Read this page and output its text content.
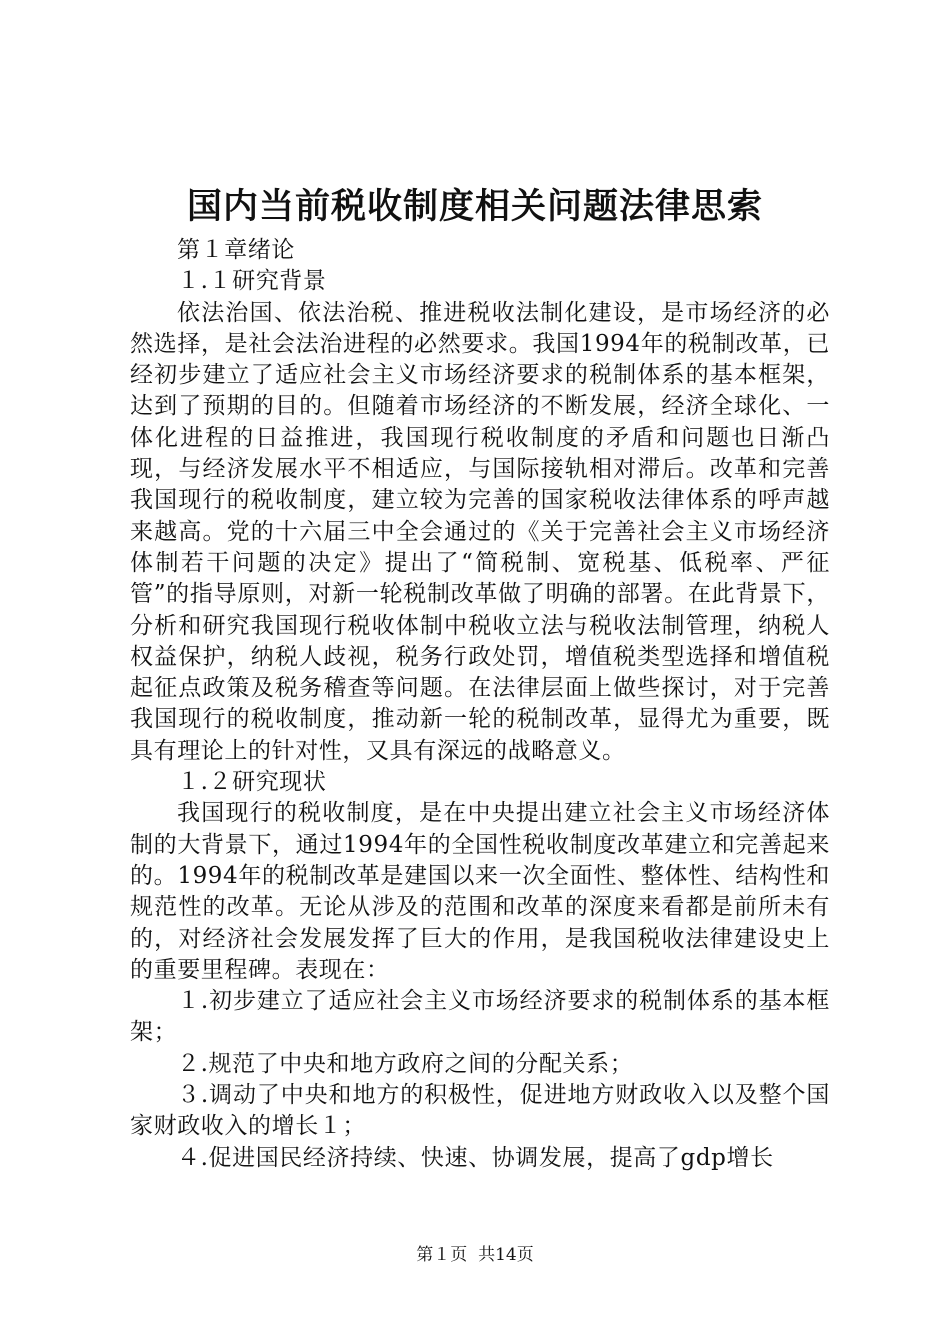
国内当前税收制度相关问题法律思索

第１章绪论

１.１研究背景

依法治国、依法治税、推进税收法制化建设，是市场经济的必然选择，是社会法治进程的必然要求。我国1994年的税制改革，已经初步建立了适应社会主义市场经济要求的税制体系的基本框架，达到了预期的目的。但随着市场经济的不断发展，经济全球化、一体化进程的日益推进，我国现行税收制度的矛盾和问题也日渐凸现，与经济发展水平不相适应，与国际接轨相对滞后。改革和完善我国现行的税收制度，建立较为完善的国家税收法律体系的呼声越来越高。党的十六届三中全会通过的《关于完善社会主义市场经济体制若干问题的决定》提出了“简税制、宽税基、低税率、严征管”的指导原则，对新一轮税制改革做了明确的部署。在此背景下，分析和研究我国现行税收体制中税收立法与税收法制管理，纳税人权益保护，纳税人歧视，税务行政处罚，增值税类型选择和增值税起征点政策及税务稽查等问题。在法律层面上做些探讨，对于完善我国现行的税收制度，推动新一轮的税制改革，显得尤为重要，既具有理论上的针对性，又具有深远的战略意义。

１.２研究现状

我国现行的税收制度，是在中央提出建立社会主义市场经济体制的大背景下，通过1994年的全国性税收制度改革建立和完善起来的。1994年的税制改革是建国以来一次全面性、整体性、结构性和规范性的改革。无论从涉及的范围和改革的深度来看都是前所未有的，对经济社会发展发挥了巨大的作用，是我国税收法律建设史上的重要里程碑。表现在：

１.初步建立了适应社会主义市场经济要求的税制体系的基本框架；

２.规范了中央和地方政府之间的分配关系；

３.调动了中央和地方的积极性，促进地方财政收入以及整个国家财政收入的增长１；

４.促进国民经济持续、快速、协调发展，提高了gdp增长

第１页 共14页
